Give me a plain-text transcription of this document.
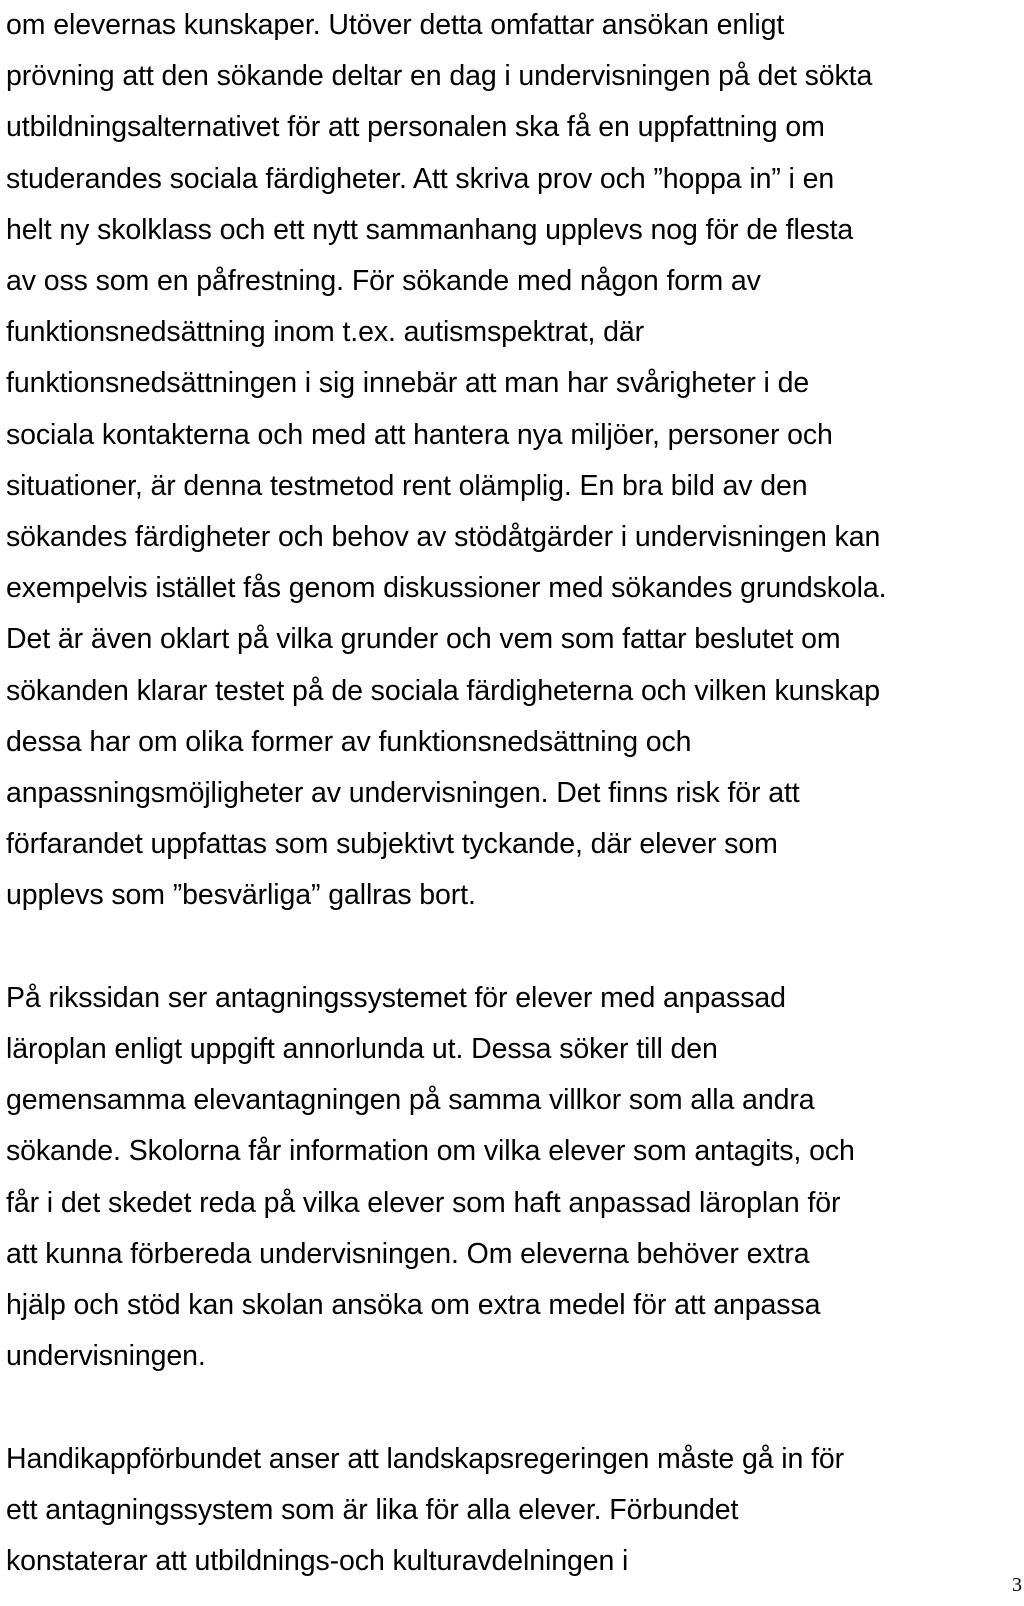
om elevernas kunskaper. Utöver detta omfattar ansökan enligt
prövning att den sökande deltar en dag i undervisningen på det sökta
utbildningsalternativet för att personalen ska få en uppfattning om
studerandes sociala färdigheter. Att skriva prov och ”hoppa in” i en
helt ny skolklass och ett nytt sammanhang upplevs nog för de flesta
av oss som en påfrestning. För sökande med någon form av
funktionsnedsättning inom t.ex. autismspektrat, där
funktionsnedsättningen i sig innebär att man har svårigheter i de
sociala kontakterna och med att hantera nya miljöer, personer och
situationer, är denna testmetod rent olämplig. En bra bild av den
sökandes färdigheter och behov av stödåtgärder i undervisningen kan
exempelvis istället fås genom diskussioner med sökandes grundskola.
Det är även oklart på vilka grunder och vem som fattar beslutet om
sökanden klarar testet på de sociala färdigheterna och vilken kunskap
dessa har om olika former av funktionsnedsättning och
anpassningsmöjligheter av undervisningen. Det finns risk för att
förfarandet uppfattas som subjektivt tyckande, där elever som
upplevs som ”besvärliga” gallras bort.

På rikssidan ser antagningssystemet för elever med anpassad
läroplan enligt uppgift annorlunda ut. Dessa söker till den
gemensamma elevantagningen på samma villkor som alla andra
sökande. Skolorna får information om vilka elever som antagits, och
får i det skedet reda på vilka elever som haft anpassad läroplan för
att kunna förbereda undervisningen. Om eleverna behöver extra
hjälp och stöd kan skolan ansöka om extra medel för att anpassa
undervisningen.

Handikappförbundet anser att landskapsregeringen måste gå in för
ett antagningssystem som är lika för alla elever. Förbundet
konstaterar att utbildnings-och kulturavdelningen i

3
